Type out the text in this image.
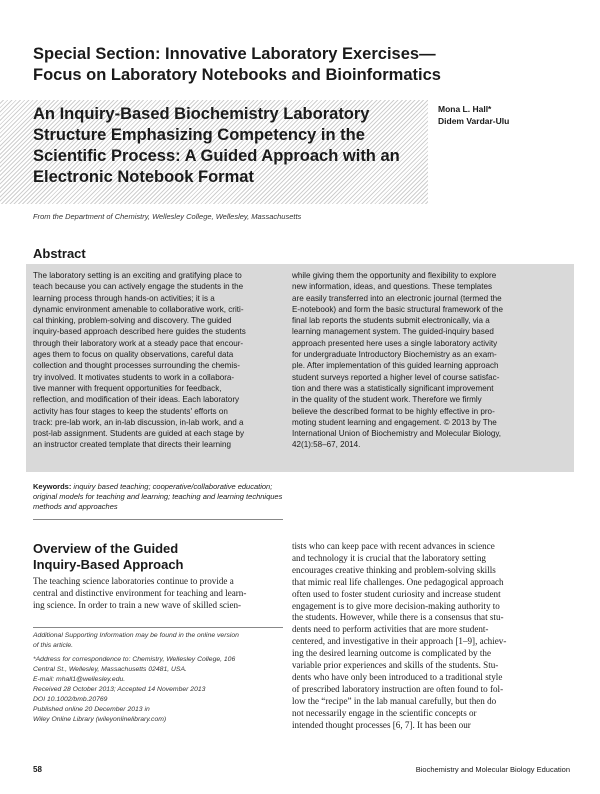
Special Section: Innovative Laboratory Exercises—
Focus on Laboratory Notebooks and Bioinformatics
An Inquiry-Based Biochemistry Laboratory
Structure Emphasizing Competency in the
Scientific Process: A Guided Approach with an
Electronic Notebook Format
Mona L. Hall*
Didem Vardar-Ulu
From the Department of Chemistry, Wellesley College, Wellesley, Massachusetts
Abstract
The laboratory setting is an exciting and gratifying place to
teach because you can actively engage the students in the
learning process through hands-on activities; it is a
dynamic environment amenable to collaborative work, criti-
cal thinking, problem-solving and discovery. The guided
inquiry-based approach described here guides the students
through their laboratory work at a steady pace that encour-
ages them to focus on quality observations, careful data
collection and thought processes surrounding the chemis-
try involved. It motivates students to work in a collabora-
tive manner with frequent opportunities for feedback,
reflection, and modification of their ideas. Each laboratory
activity has four stages to keep the students' efforts on
track: pre-lab work, an in-lab discussion, in-lab work, and a
post-lab assignment. Students are guided at each stage by
an instructor created template that directs their learning
while giving them the opportunity and flexibility to explore
new information, ideas, and questions. These templates
are easily transferred into an electronic journal (termed the
E-notebook) and form the basic structural framework of the
final lab reports the students submit electronically, via a
learning management system. The guided-inquiry based
approach presented here uses a single laboratory activity
for undergraduate Introductory Biochemistry as an exam-
ple. After implementation of this guided learning approach
student surveys reported a higher level of course satisfac-
tion and there was a statistically significant improvement
in the quality of the student work. Therefore we firmly
believe the described format to be highly effective in pro-
moting student learning and engagement. © 2013 by The
International Union of Biochemistry and Molecular Biology,
42(1):58–67, 2014.
Keywords: inquiry based teaching; cooperative/collaborative education; original models for teaching and learning; teaching and learning techniques methods and approaches
Overview of the Guided
Inquiry-Based Approach
The teaching science laboratories continue to provide a
central and distinctive environment for teaching and learn-
ing science. In order to train a new wave of skilled scien-
tists who can keep pace with recent advances in science
and technology it is crucial that the laboratory setting
encourages creative thinking and problem-solving skills
that mimic real life challenges. One pedagogical approach
often used to foster student curiosity and increase student
engagement is to give more decision-making authority to
the students. However, while there is a consensus that stu-
dents need to perform activities that are more student-
centered, and investigative in their approach [1–9], achiev-
ing the desired learning outcome is complicated by the
variable prior experiences and skills of the students. Stu-
dents who have only been introduced to a traditional style
of prescribed laboratory instruction are often found to fol-
low the “recipe” in the lab manual carefully, but then do
not necessarily engage in the scientific concepts or
intended thought processes [6, 7]. It has been our
Additional Supporting Information may be found in the online version
of this article.
*Address for correspondence to: Chemistry, Wellesley College, 106
Central St., Wellesley, Massachusetts 02481, USA.
E-mail: mhall1@wellesley.edu.
Received 28 October 2013; Accepted 14 November 2013
DOI 10.1002/bmb.20769
Published online 20 December 2013 in
Wiley Online Library (wileyonlinelibrary.com)
58	Biochemistry and Molecular Biology Education
